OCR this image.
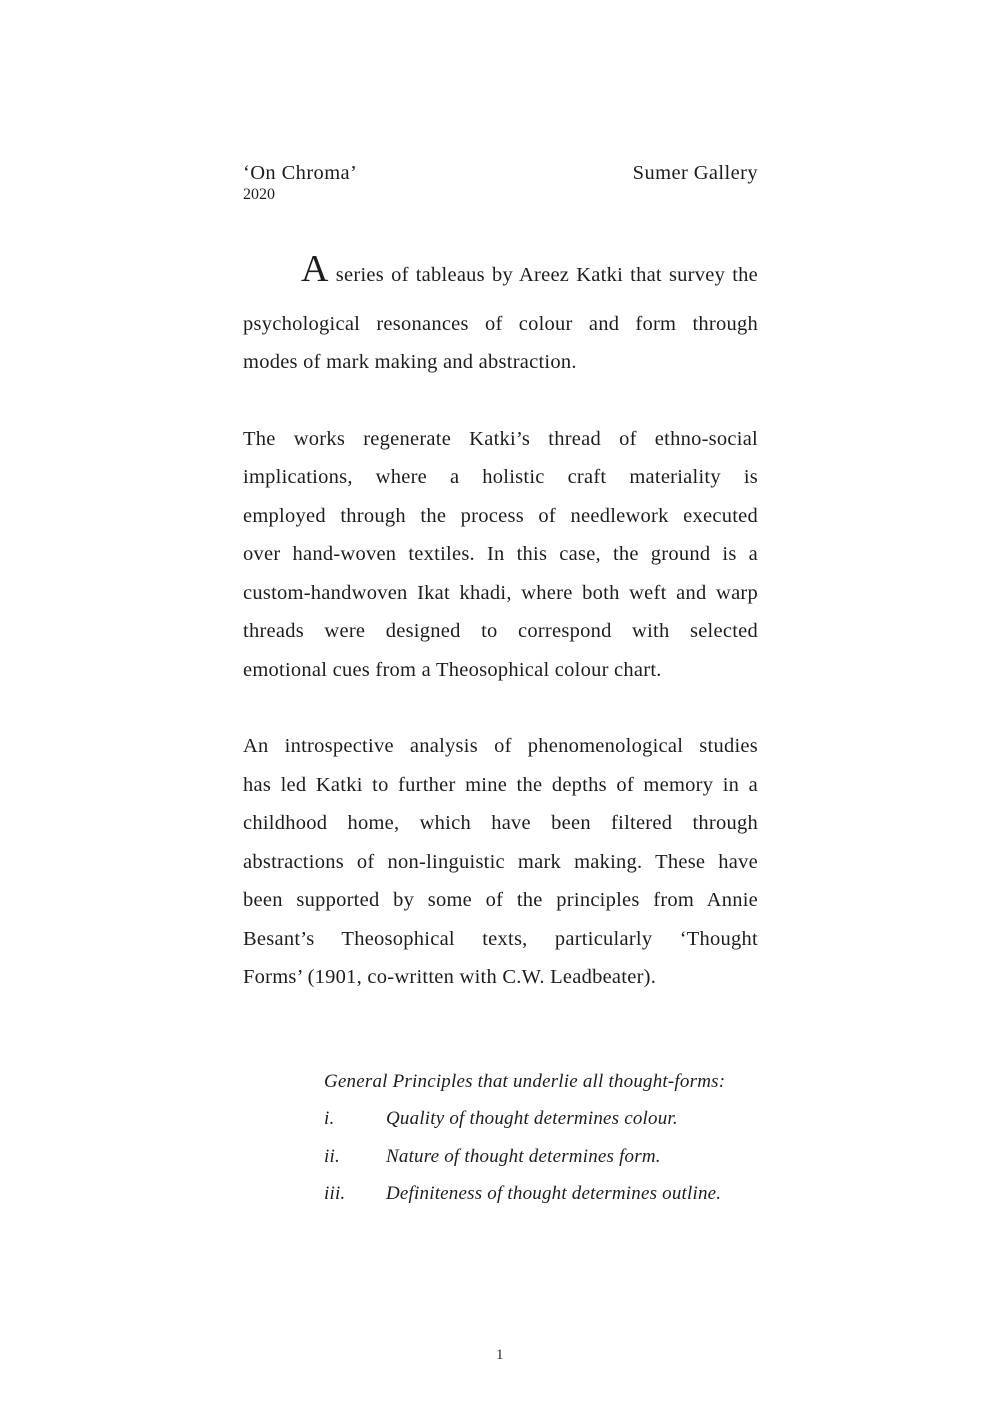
‘On Chroma’	Sumer Gallery
2020
A series of tableaus by Areez Katki that survey the
psychological resonances of colour and form through
modes of mark making and abstraction.
The works regenerate Katki’s thread of ethno-social
implications, where a holistic craft materiality is
employed through the process of needlework executed
over hand-woven textiles. In this case, the ground is a
custom-handwoven Ikat khadi, where both weft and warp
threads were designed to correspond with selected
emotional cues from a Theosophical colour chart.
An introspective analysis of phenomenological studies
has led Katki to further mine the depths of memory in a
childhood home, which have been filtered through
abstractions of non-linguistic mark making. These have
been supported by some of the principles from Annie
Besant’s Theosophical texts, particularly ‘Thought
Forms’ (1901, co-written with C.W. Leadbeater).
General Principles that underlie all thought-forms:
i.	Quality of thought determines colour.
ii.	Nature of thought determines form.
iii.	Definiteness of thought determines outline.
1
